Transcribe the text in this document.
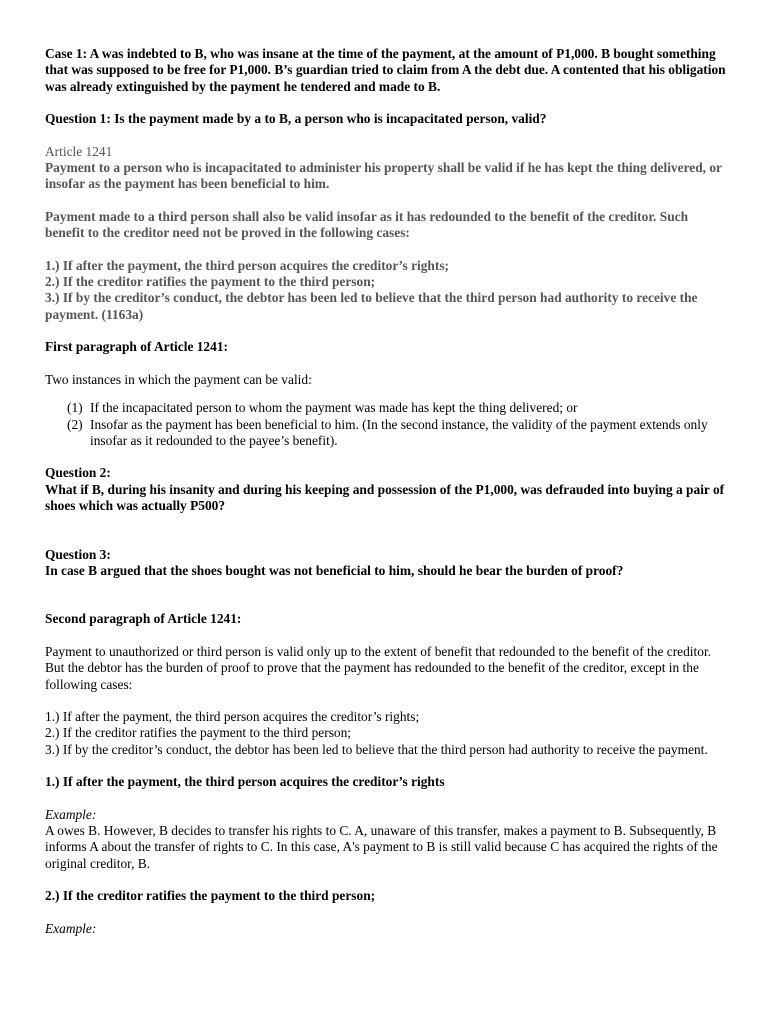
Case 1: A was indebted to B, who was insane at the time of the payment, at the amount of P1,000. B bought something that was supposed to be free for P1,000. B’s guardian tried to claim from A the debt due. A contented that his obligation was already extinguished by the payment he tendered and made to B.

Question 1: Is the payment made by a to B, a person who is incapacitated person, valid?

Article 1241

Payment to a person who is incapacitated to administer his property shall be valid if he has kept the thing delivered, or insofar as the payment has been beneficial to him.

Payment made to a third person shall also be valid insofar as it has redounded to the benefit of the creditor. Such benefit to the creditor need not be proved in the following cases:

1.) If after the payment, the third person acquires the creditor’s rights;

2.) If the creditor ratifies the payment to the third person;

3.) If by the creditor’s conduct, the debtor has been led to believe that the third person had authority to receive the payment. (1163a)

First paragraph of Article 1241:

Two instances in which the payment can be valid:

(1) If the incapacitated person to whom the payment was made has kept the thing delivered; or
(2) Insofar as the payment has been beneficial to him. (In the second instance, the validity of the payment extends only insofar as it redounded to the payee’s benefit).

Question 2:

What if B, during his insanity and during his keeping and possession of the P1,000, was defrauded into buying a pair of shoes which was actually P500?

Question 3:

In case B argued that the shoes bought was not beneficial to him, should he bear the burden of proof?

Second paragraph of Article 1241:

Payment to unauthorized or third person is valid only up to the extent of benefit that redounded to the benefit of the creditor. But the debtor has the burden of proof to prove that the payment has redounded to the benefit of the creditor, except in the following cases:

1.) If after the payment, the third person acquires the creditor’s rights;

2.) If the creditor ratifies the payment to the third person;

3.) If by the creditor’s conduct, the debtor has been led to believe that the third person had authority to receive the payment.

1.) If after the payment, the third person acquires the creditor’s rights

Example:

A owes B. However, B decides to transfer his rights to C. A, unaware of this transfer, makes a payment to B. Subsequently, B informs A about the transfer of rights to C. In this case, A's payment to B is still valid because C has acquired the rights of the original creditor, B.

2.) If the creditor ratifies the payment to the third person;

Example:
